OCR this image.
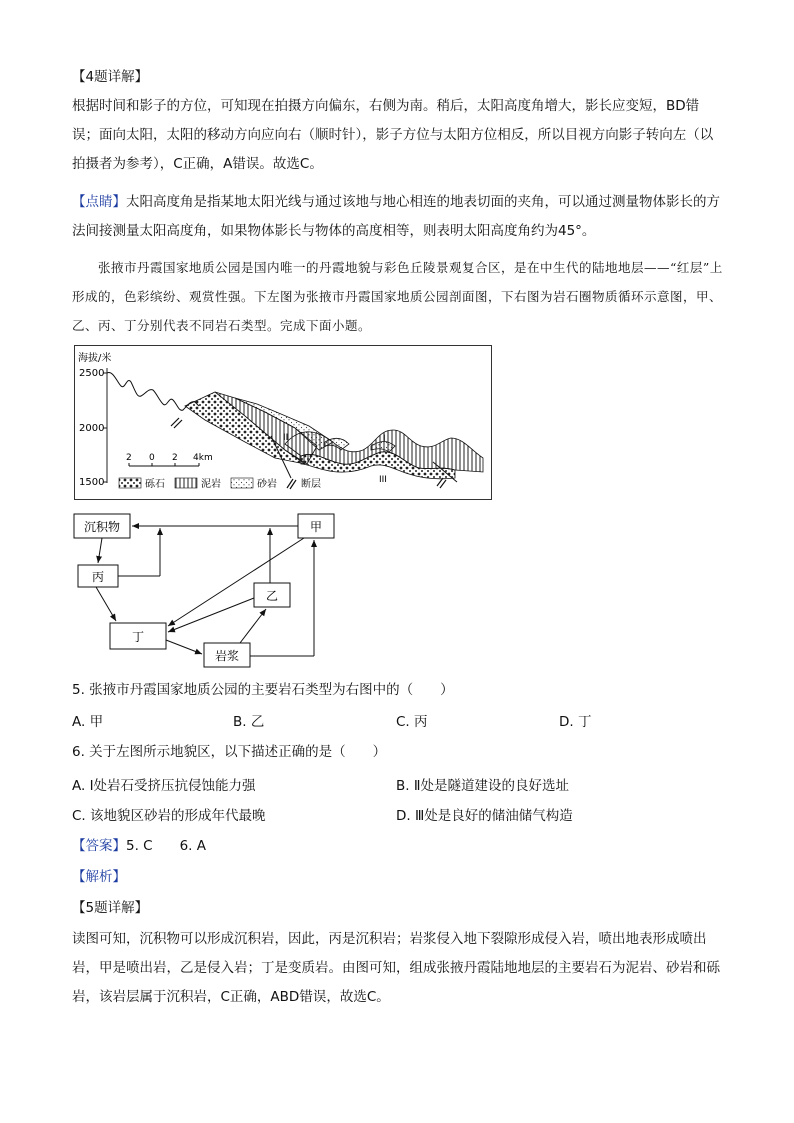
【4题详解】

根据时间和影子的方位，可知现在拍摄方向偏东，右侧为南。稍后，太阳高度角增大，影长应变短，BD错误；面向太阳，太阳的移动方向应向右（顺时针），影子方位与太阳方位相反，所以目视方向影子转向左（以拍摄者为参考），C正确，A错误。故选C。

【点睛】太阳高度角是指某地太阳光线与通过该地与地心相连的地表切面的夹角，可以通过测量物体影长的方法间接测量太阳高度角，如果物体影长与物体的高度相等，则表明太阳高度角约为45°。

张掖市丹霞国家地质公园是国内唯一的丹霞地貌与彩色丘陵景观复合区，是在中生代的陆地地层——“红层”上形成的，色彩缤纷、观赏性强。下左图为张掖市丹霞国家地质公园剖面图，下右图为岩石圈物质循环示意图，甲、乙、丙、丁分别代表不同岩石类型。完成下面小题。

海拔/米
2500
2000
1500
II	I
III
2 0 2 4km
砾石	泥岩	砂岩 断层
沉积物
丙
甲
乙
丁
岩浆

5. 张掖市丹霞国家地质公园的主要岩石类型为右图中的（　　）

A. 甲	B. 乙	C. 丙	D. 丁

6. 关于左图所示地貌区，以下描述正确的是（　　）

A. Ⅰ处岩石受挤压抗侵蚀能力强	B. Ⅱ处是隧道建设的良好选址
C. 该地貌区砂岩的形成年代最晚	D. Ⅲ处是良好的储油储气构造

【答案】5. C　　6. A

【解析】

【5题详解】

读图可知，沉积物可以形成沉积岩，因此，丙是沉积岩；岩浆侵入地下裂隙形成侵入岩，喷出地表形成喷出岩，甲是喷出岩，乙是侵入岩；丁是变质岩。由图可知，组成张掖丹霞陆地地层的主要岩石为泥岩、砂岩和砾岩，该岩层属于沉积岩，C正确，ABD错误，故选C。
